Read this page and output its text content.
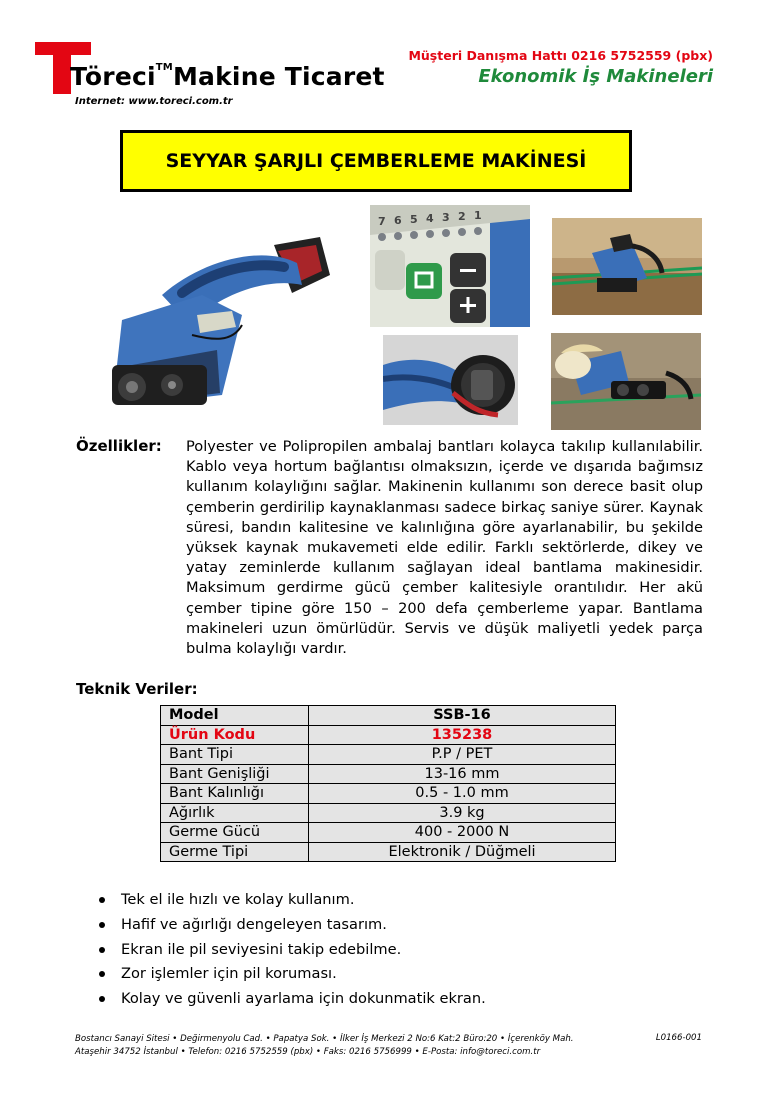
Töreci™Makine Ticaret
Internet: www.toreci.com.tr
Müşteri Danışma Hattı 0216 5752559 (pbx)
Ekonomik İş Makineleri
SEYYAR ŞARJLI ÇEMBERLEME MAKİNESİ
7 6 5 4 3 2 1
Özellikler: Polyester ve Polipropilen ambalaj bantları kolayca takılıp kullanılabilir. Kablo veya hortum bağlantısı olmaksızın, içerde ve dışarıda bağımsız kullanım kolaylığını sağlar. Makinenin kullanımı son derece basit olup çemberin gerdirilip kaynaklanması sadece birkaç saniye sürer. Kaynak süresi, bandın kalitesine ve kalınlığına göre ayarlanabilir, bu şekilde yüksek kaynak mukavemeti elde edilir. Farklı sektörlerde, dikey ve yatay zeminlerde kullanım sağlayan ideal bantlama makinesidir. Maksimum gerdirme gücü çember kalitesiyle orantılıdır. Her akü çember tipine göre 150 – 200 defa çemberleme yapar. Bantlama makineleri uzun ömürlüdür. Servis ve düşük maliyetli yedek parça bulma kolaylığı vardır.
Teknik Veriler:
Model	SSB-16
Ürün Kodu	135238
Bant Tipi	P.P / PET
Bant Genişliği	13-16 mm
Bant Kalınlığı	0.5 - 1.0 mm
Ağırlık	3.9 kg
Germe Gücü	400 - 2000 N
Germe Tipi	Elektronik / Düğmeli
Tek el ile hızlı ve kolay kullanım.
Hafif ve ağırlığı dengeleyen tasarım.
Ekran ile pil seviyesini takip edebilme.
Zor işlemler için pil koruması.
Kolay ve güvenli ayarlama için dokunmatik ekran.
Bostancı Sanayi Sitesi • Değirmenyolu Cad. • Papatya Sok. • İlker İş Merkezi 2 No:6 Kat:2 Büro:20 • İçerenköy Mah.
Ataşehir 34752 İstanbul • Telefon: 0216 5752559 (pbx) • Faks: 0216 5756999 • E-Posta: info@toreci.com.tr
L0166-001
